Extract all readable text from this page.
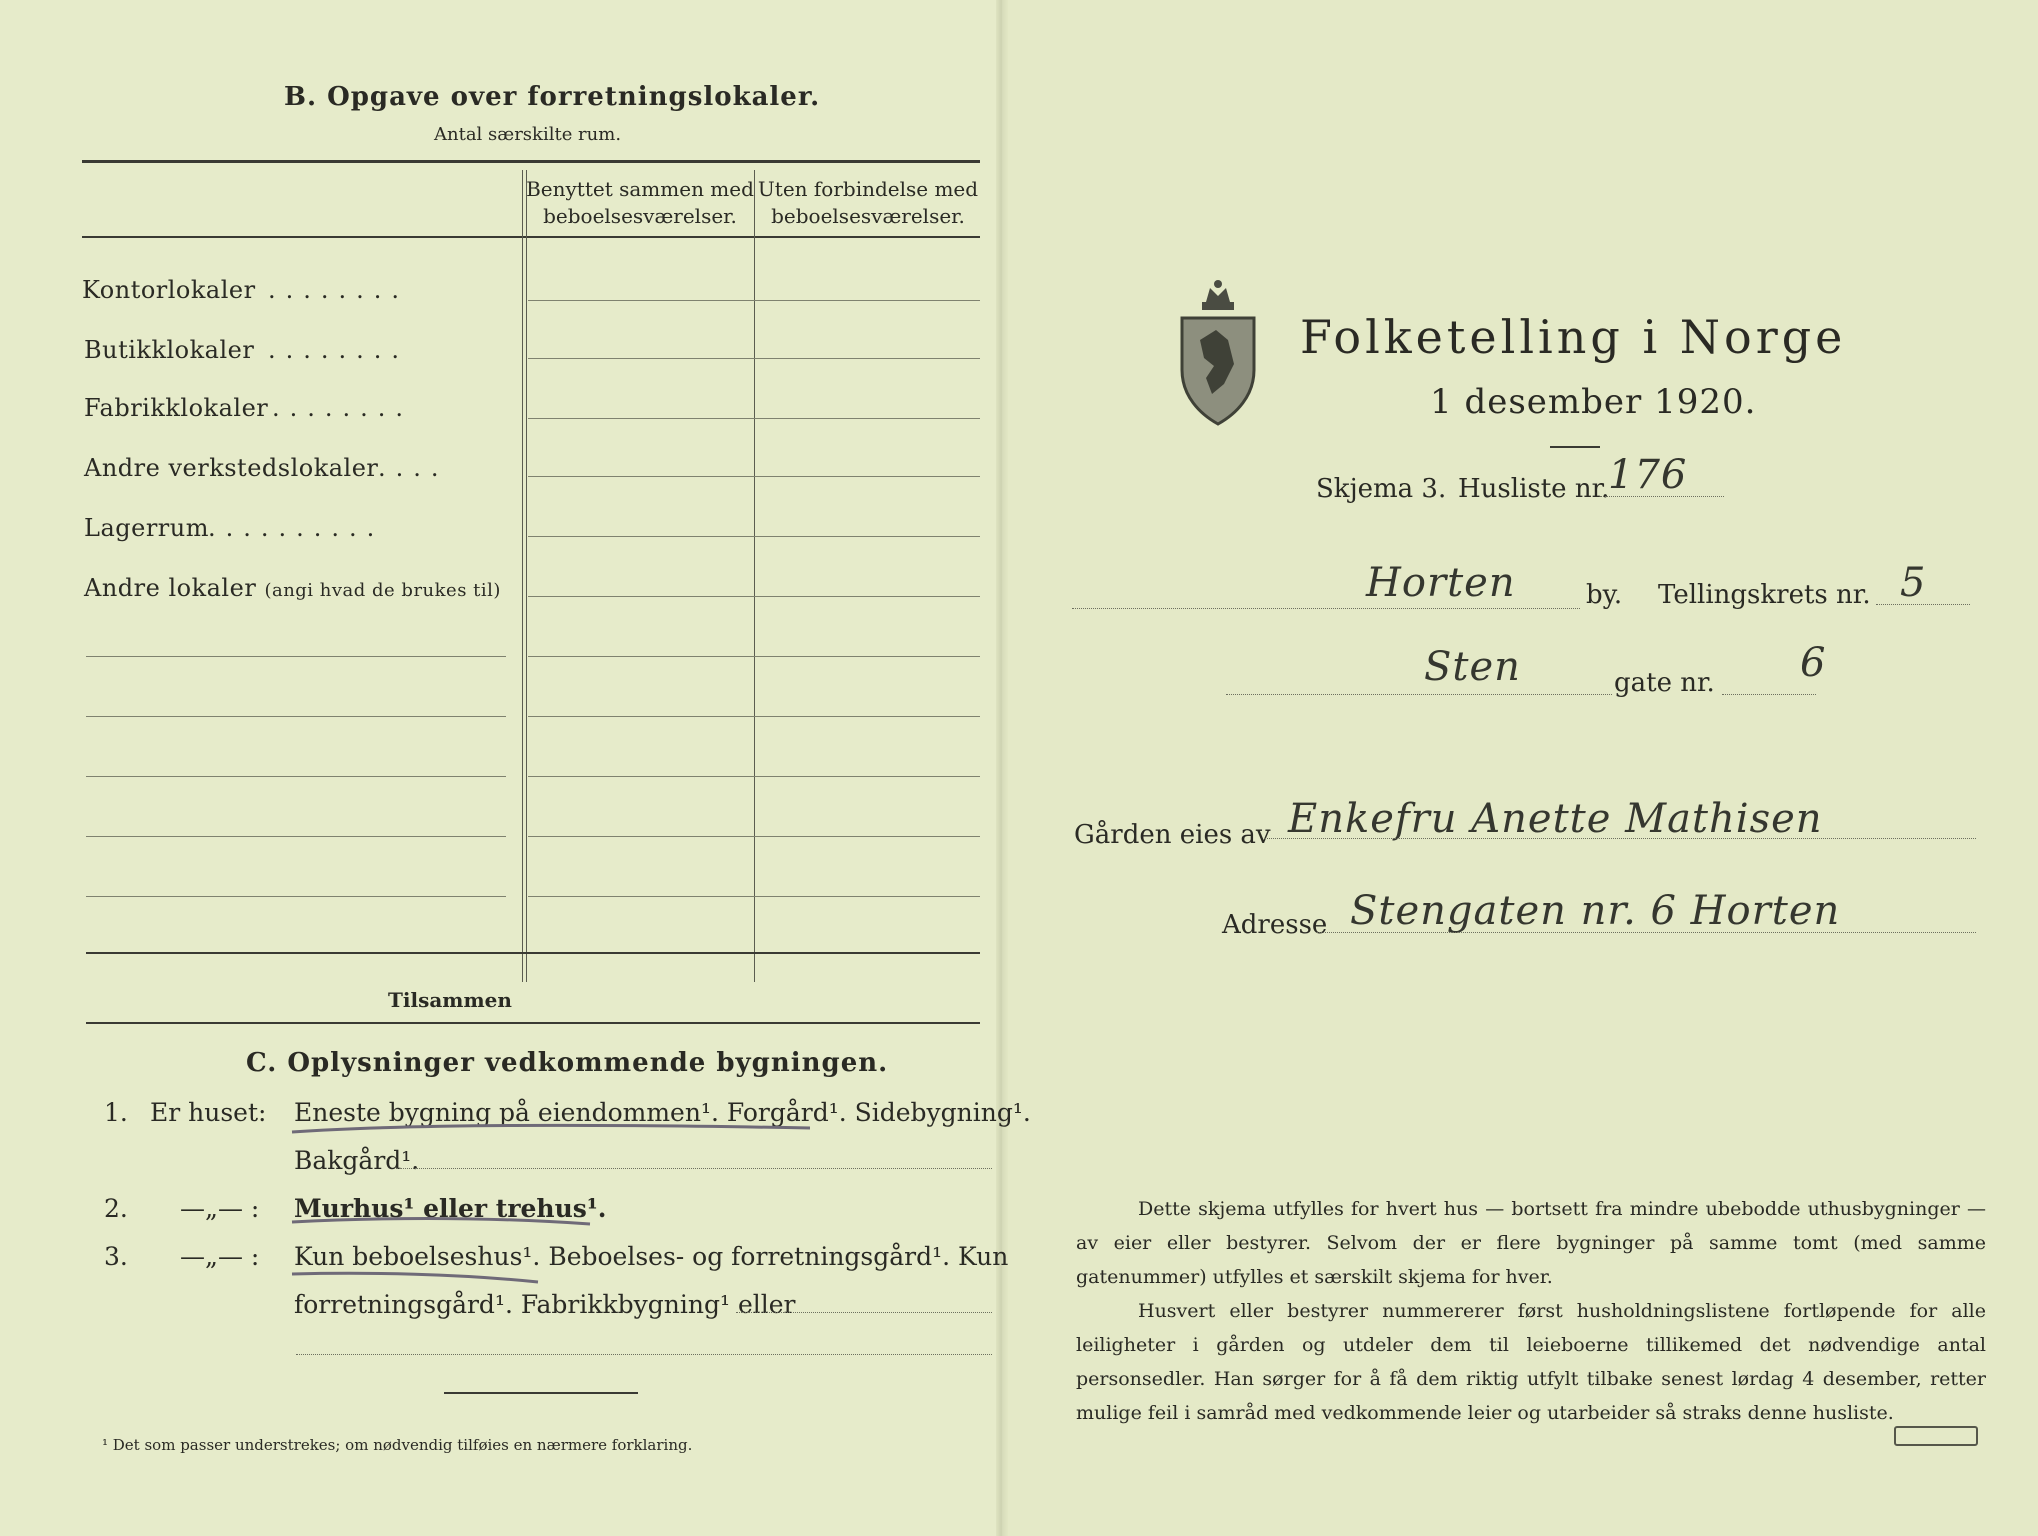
B. Opgave over forretningslokaler.
Antal særskilte rum.
Benyttet sammen med
beboelsesværelser.
Uten forbindelse med
beboelsesværelser.
Kontorlokaler ........
Butikklokaler ........
Fabrikklokaler ........
Andre verkstedslokaler ....
Lagerrum ..........
Andre lokaler (angi hvad de brukes til)
Tilsammen
C. Oplysninger vedkommende bygningen.
1. Er huset: Eneste bygning på eiendommen¹. Forgård¹. Sidebygning¹.
Bakgård¹.
2. —„— : Murhus¹ eller trehus¹.
3. —„— : Kun beboelseshus¹. Beboelses- og forretningsgård¹. Kun
forretningsgård¹. Fabrikkbygning¹ eller
¹ Det som passer understrekes; om nødvendig tilføies en nærmere forklaring.
Folketelling i Norge
1 desember 1920.
Skjema 3. Husliste nr.
176
Horten	by. Tellingskrets nr. 5
Sten	gate nr. 6
Gården eies av Enkefru Anette Mathisen
Adresse Stengaten nr. 6 Horten
Dette skjema utfylles for hvert hus — bortsett fra mindre ubebodde uthusbygninger — av eier eller bestyrer. Selvom der er flere bygninger på samme tomt (med samme gatenummer) utfylles et særskilt skjema for hver.
Husvert eller bestyrer nummererer først husholdningslistene fortløpende for alle leiligheter i gården og utdeler dem til leieboerne tillikemed det nødvendige antal personsedler. Han sørger for å få dem riktig utfylt tilbake senest lørdag 4 desember, retter mulige feil i samråd med vedkommende leier og utarbeider så straks denne husliste.
